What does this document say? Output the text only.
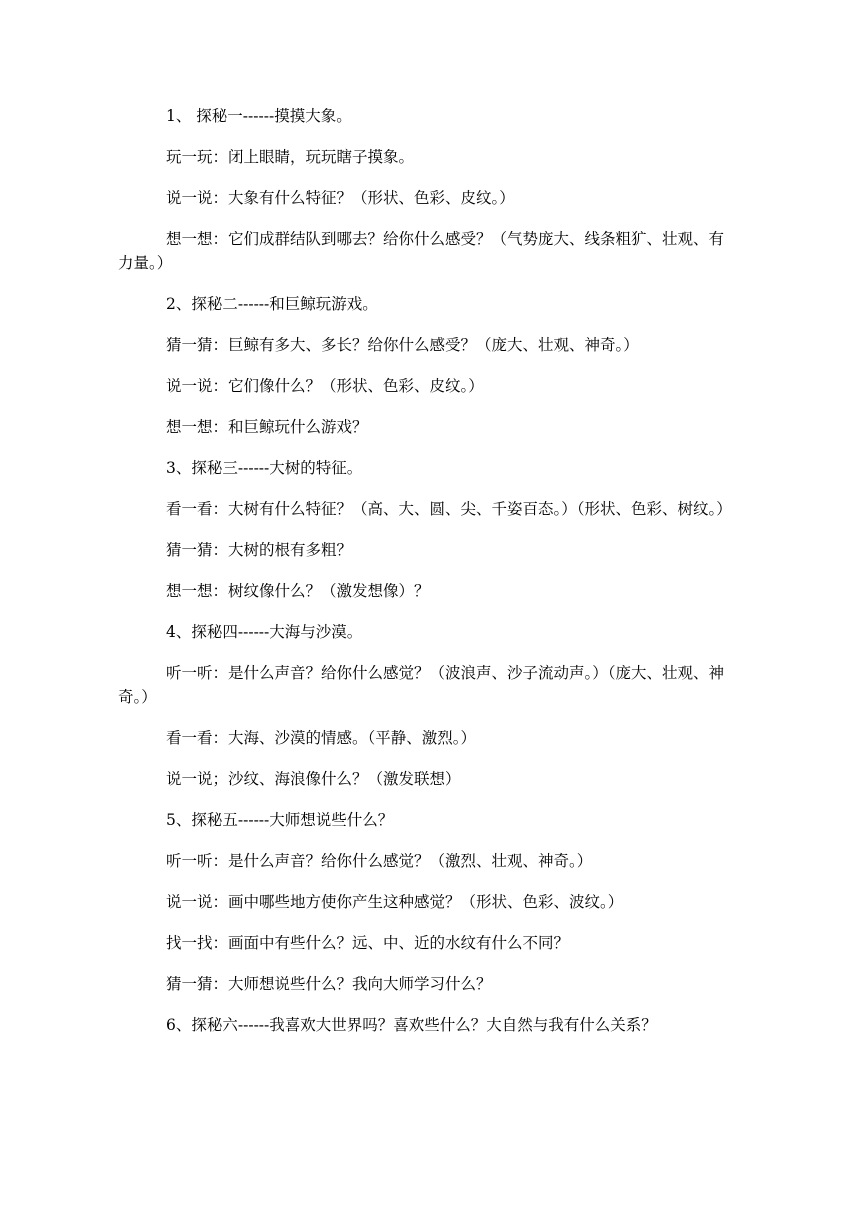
1、 探秘一------摸摸大象。

玩一玩：闭上眼睛，玩玩瞎子摸象。

说一说：大象有什么特征？（形状、色彩、皮纹。）

想一想：它们成群结队到哪去？给你什么感受？（气势庞大、线条粗犷、壮观、有力量。）

2、探秘二------和巨鲸玩游戏。

猜一猜：巨鲸有多大、多长？给你什么感受？（庞大、壮观、神奇。）

说一说：它们像什么？（形状、色彩、皮纹。）

想一想：和巨鲸玩什么游戏？

3、探秘三------大树的特征。

看一看：大树有什么特征？（高、大、圆、尖、千姿百态。）（形状、色彩、树纹。）

猜一猜：大树的根有多粗？

想一想：树纹像什么？（激发想像）？

4、探秘四------大海与沙漠。

听一听：是什么声音？给你什么感觉？（波浪声、沙子流动声。）（庞大、壮观、神奇。）

看一看：大海、沙漠的情感。（平静、激烈。）

说一说；沙纹、海浪像什么？（激发联想）

5、探秘五------大师想说些什么？

听一听：是什么声音？给你什么感觉？（激烈、壮观、神奇。）

说一说：画中哪些地方使你产生这种感觉？（形状、色彩、波纹。）

找一找：画面中有些什么？远、中、近的水纹有什么不同？

猜一猜：大师想说些什么？我向大师学习什么？

6、探秘六------我喜欢大世界吗？喜欢些什么？大自然与我有什么关系？
